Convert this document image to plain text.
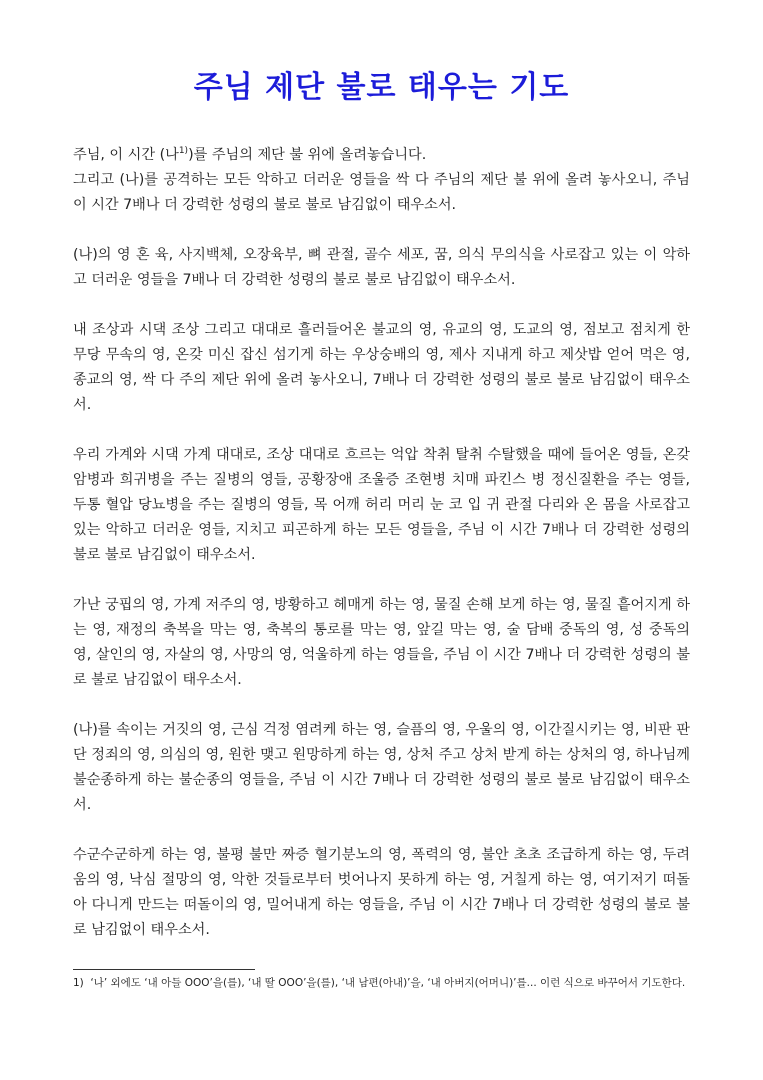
주님 제단 불로 태우는 기도

주님, 이 시간 (나$^{1)}$)를 주님의 제단 불 위에 올려놓습니다.
그리고 (나)를 공격하는 모든 악하고 더러운 영들을 싹 다 주님의 제단 불 위에 올려 놓사오니, 주님 이 시간 7배나 더 강력한 성령의 불로 불로 남김없이 태우소서.

(나)의 영 혼 육, 사지백체, 오장육부, 뼈 관절, 골수 세포, 꿈, 의식 무의식을 사로잡고 있는 이 악하고 더러운 영들을 7배나 더 강력한 성령의 불로 불로 남김없이 태우소서.

내 조상과 시댁 조상 그리고 대대로 흘러들어온 불교의 영, 유교의 영, 도교의 영, 점보고 점치게 한 무당 무속의 영, 온갖 미신 잡신 섬기게 하는 우상숭배의 영, 제사 지내게 하고 제삿밥 얻어 먹은 영, 종교의 영, 싹 다 주의 제단 위에 올려 놓사오니, 7배나 더 강력한 성령의 불로 불로 남김없이 태우소서.

우리 가계와 시댁 가계 대대로, 조상 대대로 흐르는 억압 착취 탈취 수탈했을 때에 들어온 영들, 온갖 암병과 희귀병을 주는 질병의 영들, 공황장애 조울증 조현병 치매 파킨스 병 정신질환을 주는 영들, 두통 혈압 당뇨병을 주는 질병의 영들, 목 어깨 허리 머리 눈 코 입 귀 관절 다리와 온 몸을 사로잡고 있는 악하고 더러운 영들, 지치고 피곤하게 하는 모든 영들을, 주님 이 시간 7배나 더 강력한 성령의 불로 불로 남김없이 태우소서.

가난 궁핍의 영, 가계 저주의 영, 방황하고 헤매게 하는 영, 물질 손해 보게 하는 영, 물질 흩어지게 하는 영, 재정의 축복을 막는 영, 축복의 통로를 막는 영, 앞길 막는 영, 술 담배 중독의 영, 성 중독의 영, 살인의 영, 자살의 영, 사망의 영, 억울하게 하는 영들을, 주님 이 시간 7배나 더 강력한 성령의 불로 불로 남김없이 태우소서.

(나)를 속이는 거짓의 영, 근심 걱정 염려케 하는 영, 슬픔의 영, 우울의 영, 이간질시키는 영, 비판 판단 정죄의 영, 의심의 영, 원한 맺고 원망하게 하는 영, 상처 주고 상처 받게 하는 상처의 영, 하나님께 불순종하게 하는 불순종의 영들을, 주님 이 시간 7배나 더 강력한 성령의 불로 불로 남김없이 태우소서.

수군수군하게 하는 영, 불평 불만 짜증 혈기분노의 영, 폭력의 영, 불안 초초 조급하게 하는 영, 두려움의 영, 낙심 절망의 영, 악한 것들로부터 벗어나지 못하게 하는 영, 거칠게 하는 영, 여기저기 떠돌아 다니게 만드는 떠돌이의 영, 밀어내게 하는 영들을, 주님 이 시간 7배나 더 강력한 성령의 불로 불로 남김없이 태우소서.

1) ‘나’ 외에도 ‘내 아들 OOO’을(를), ‘내 딸 OOO’을(를), ‘내 남편(아내)’을, ‘내 아버지(어머니)’를... 이런 식으로 바꾸어서 기도한다.
